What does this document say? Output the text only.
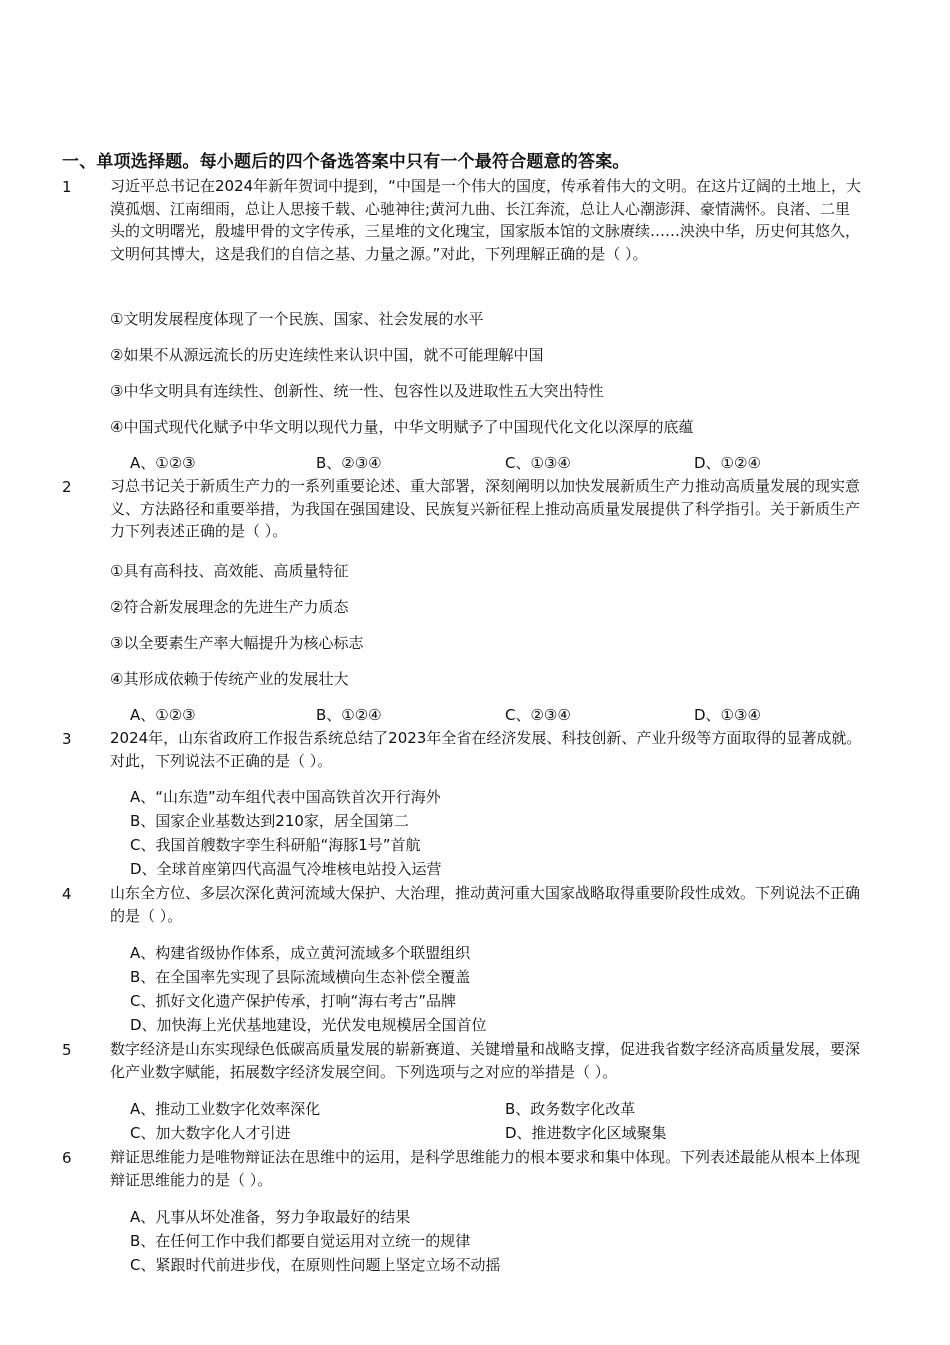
一、单项选择题。每小题后的四个备选答案中只有一个最符合题意的答案。
1	习近平总书记在2024年新年贺词中提到，“中国是一个伟大的国度，传承着伟大的文明。在这片辽阔的土地上，大漠孤烟、江南细雨，总让人思接千载、心驰神往;黄河九曲、长江奔流，总让人心潮澎湃、豪情满怀。良渚、二里头的文明曙光，殷墟甲骨的文字传承，三星堆的文化瑰宝，国家版本馆的文脉赓续……泱泱中华，历史何其悠久，文明何其博大，这是我们的自信之基、力量之源。”对此，下列理解正确的是（ ）。
①文明发展程度体现了一个民族、国家、社会发展的水平
②如果不从源远流长的历史连续性来认识中国，就不可能理解中国
③中华文明具有连续性、创新性、统一性、包容性以及进取性五大突出特性
④中国式现代化赋予中华文明以现代力量，中华文明赋予了中国现代化文化以深厚的底蕴
A、①②③	B、②③④	C、①③④	D、①②④
2	习总书记关于新质生产力的一系列重要论述、重大部署，深刻阐明以加快发展新质生产力推动高质量发展的现实意义、方法路径和重要举措，为我国在强国建设、民族复兴新征程上推动高质量发展提供了科学指引。关于新质生产力下列表述正确的是（ ）。
①具有高科技、高效能、高质量特征
②符合新发展理念的先进生产力质态
③以全要素生产率大幅提升为核心标志
④其形成依赖于传统产业的发展壮大
A、①②③	B、①②④	C、②③④	D、①③④
3	2024年，山东省政府工作报告系统总结了2023年全省在经济发展、科技创新、产业升级等方面取得的显著成就。对此，下列说法不正确的是（ ）。
A、“山东造”动车组代表中国高铁首次开行海外
B、国家企业基数达到210家，居全国第二
C、我国首艘数字孪生科研船“海豚1号”首航
D、全球首座第四代高温气冷堆核电站投入运营
4	山东全方位、多层次深化黄河流域大保护、大治理，推动黄河重大国家战略取得重要阶段性成效。下列说法不正确的是（ ）。
A、构建省级协作体系，成立黄河流域多个联盟组织
B、在全国率先实现了县际流域横向生态补偿全覆盖
C、抓好文化遗产保护传承，打响“海右考古”品牌
D、加快海上光伏基地建设，光伏发电规模居全国首位
5	数字经济是山东实现绿色低碳高质量发展的崭新赛道、关键增量和战略支撑，促进我省数字经济高质量发展，要深化产业数字赋能，拓展数字经济发展空间。下列选项与之对应的举措是（ ）。
A、推动工业数字化效率深化	B、政务数字化改革
C、加大数字化人才引进	D、推进数字化区域聚集
6	辩证思维能力是唯物辩证法在思维中的运用，是科学思维能力的根本要求和集中体现。下列表述最能从根本上体现辩证思维能力的是（ ）。
A、凡事从坏处准备，努力争取最好的结果
B、在任何工作中我们都要自觉运用对立统一的规律
C、紧跟时代前进步伐，在原则性问题上坚定立场不动摇
